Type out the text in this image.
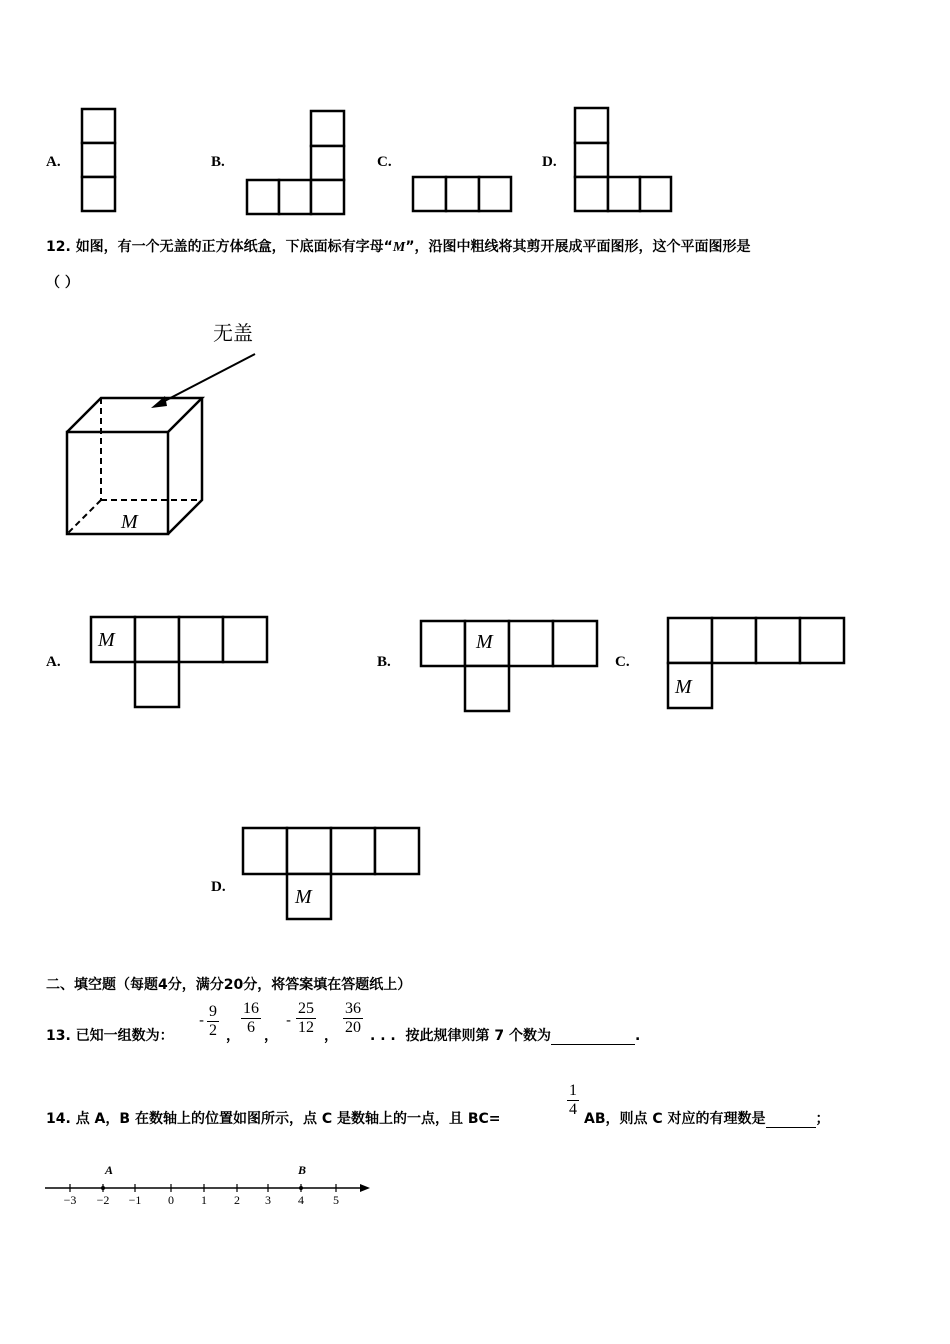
A.	B.	C.	D.
12. 如图，有一个无盖的正方体纸盒，下底面标有字母“M”，沿图中粗线将其剪开展成平面图形，这个平面图形是
（ ）
无盖
M
A.
M
B.
M
C.
M
D.	M
二、填空题（每题4分，满分20分，将答案填在答题纸上）
13. 已知一组数为：
- $\frac{9}{2}$ ， $\frac{16}{6}$ ，
- $\frac{25}{12}$ ， $\frac{36}{20}$ . . . 按此规律则第 7 个数为	.
14. 点 A，B 在数轴上的位置如图所示，点 C 是数轴上的一点，且 BC=	$\frac{1}{4}$ AB，则点 C 对应的有理数是	；
−3 −2 −1 0 1 2 3 4 5
A	B
